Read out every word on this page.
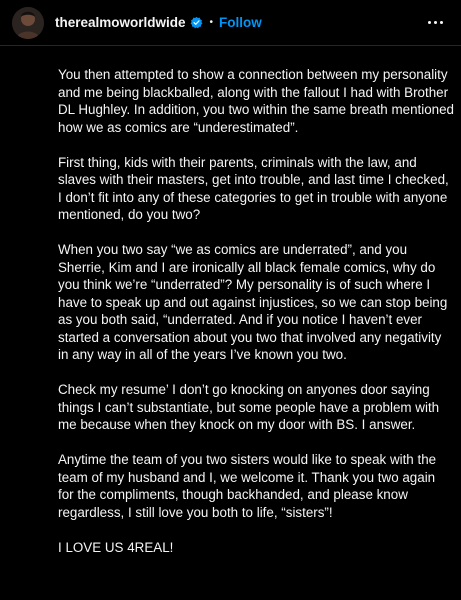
therealmoworldwide • Follow

You then attempted to show a connection between my personality and me being blackballed, along with the fallout I had with Brother DL Hughley. In addition, you two within the same breath mentioned how we as comics are “underestimated”.

First thing, kids with their parents, criminals with the law, and slaves with their masters, get into trouble, and last time I checked, I don’t fit into any of these categories to get in trouble with anyone mentioned, do you two?

When you two say “we as comics are underrated”, and you Sherrie, Kim and I are ironically all black female comics, why do you think we’re “underrated”? My personality is of such where I have to speak up and out against injustices, so we can stop being as you both said, “underrated. And if you notice I haven’t ever started a conversation about you two that involved any negativity in any way in all of the years I’ve known you two.

Check my resume’ I don’t go knocking on anyones door saying things I can’t substantiate, but some people have a problem with me because when they knock on my door with BS. I answer.

Anytime the team of you two sisters would like to speak with the team of my husband and I, we welcome it. Thank you two again for the compliments, though backhanded, and please know regardless, I still love you both to life, “sisters”!

I LOVE US 4REAL!
